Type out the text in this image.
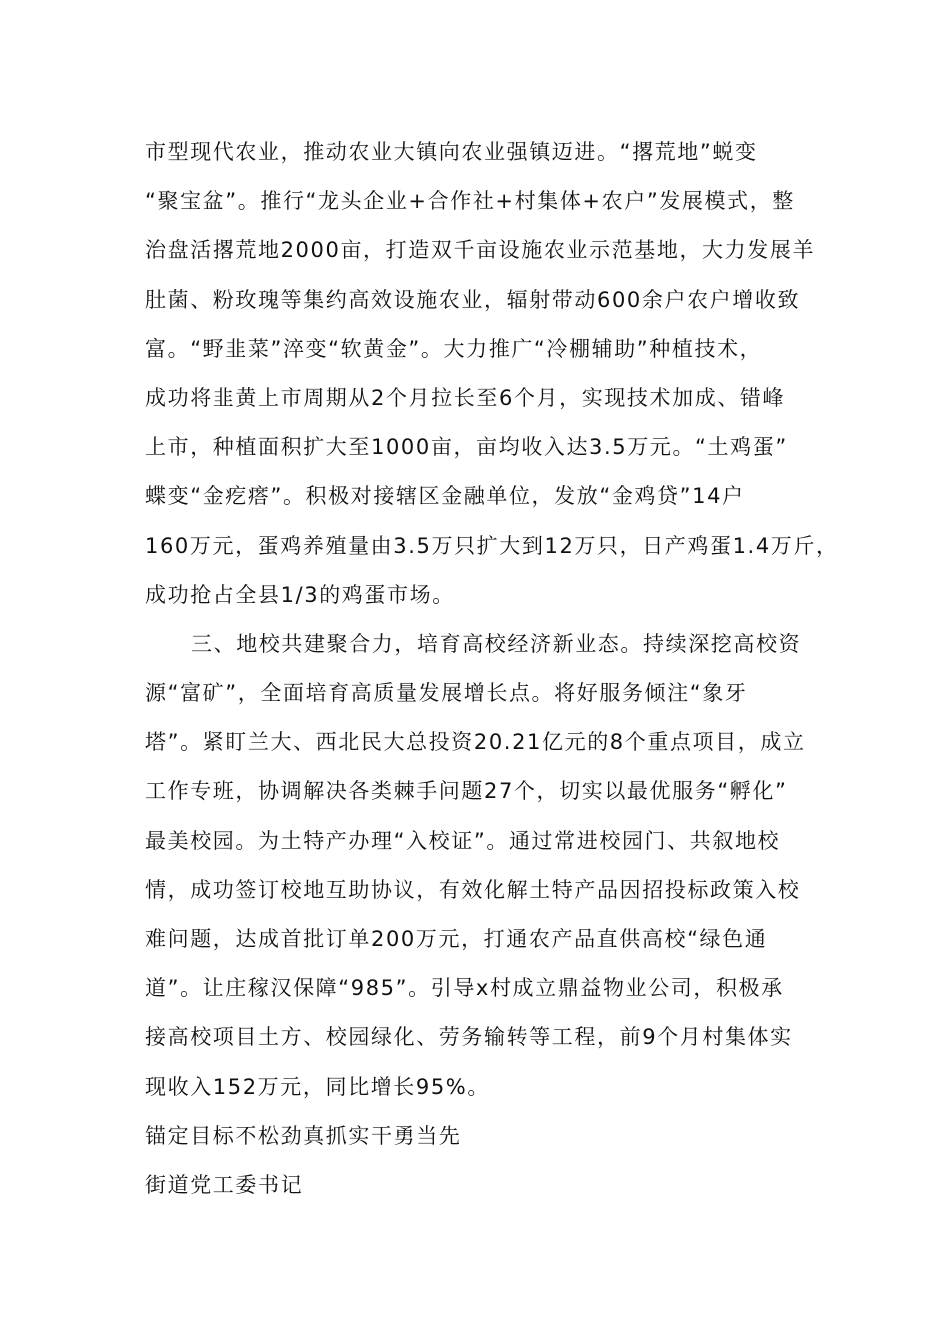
市型现代农业，推动农业大镇向农业强镇迈进。“撂荒地”蜕变
“聚宝盆”。推行“龙头企业+合作社+村集体+农户”发展模式，整
治盘活撂荒地2000亩，打造双千亩设施农业示范基地，大力发展羊
肚菌、粉玫瑰等集约高效设施农业，辐射带动600余户农户增收致
富。“野韭菜”淬变“软黄金”。大力推广“冷棚辅助”种植技术，
成功将韭黄上市周期从2个月拉长至6个月，实现技术加成、错峰
上市，种植面积扩大至1000亩，亩均收入达3.5万元。“土鸡蛋”
蝶变“金疙瘩”。积极对接辖区金融单位，发放“金鸡贷”14户
160万元，蛋鸡养殖量由3.5万只扩大到12万只，日产鸡蛋1.4万斤，
成功抢占全县1/3的鸡蛋市场。
三、地校共建聚合力，培育高校经济新业态。持续深挖高校资
源“富矿”，全面培育高质量发展增长点。将好服务倾注“象牙
塔”。紧盯兰大、西北民大总投资20.21亿元的8个重点项目，成立
工作专班，协调解决各类棘手问题27个，切实以最优服务“孵化”
最美校园。为土特产办理“入校证”。通过常进校园门、共叙地校
情，成功签订校地互助协议，有效化解土特产品因招投标政策入校
难问题，达成首批订单200万元，打通农产品直供高校“绿色通
道”。让庄稼汉保障“985”。引导x村成立鼎益物业公司，积极承
接高校项目土方、校园绿化、劳务输转等工程，前9个月村集体实
现收入152万元，同比增长95%。
锚定目标不松劲真抓实干勇当先
街道党工委书记
